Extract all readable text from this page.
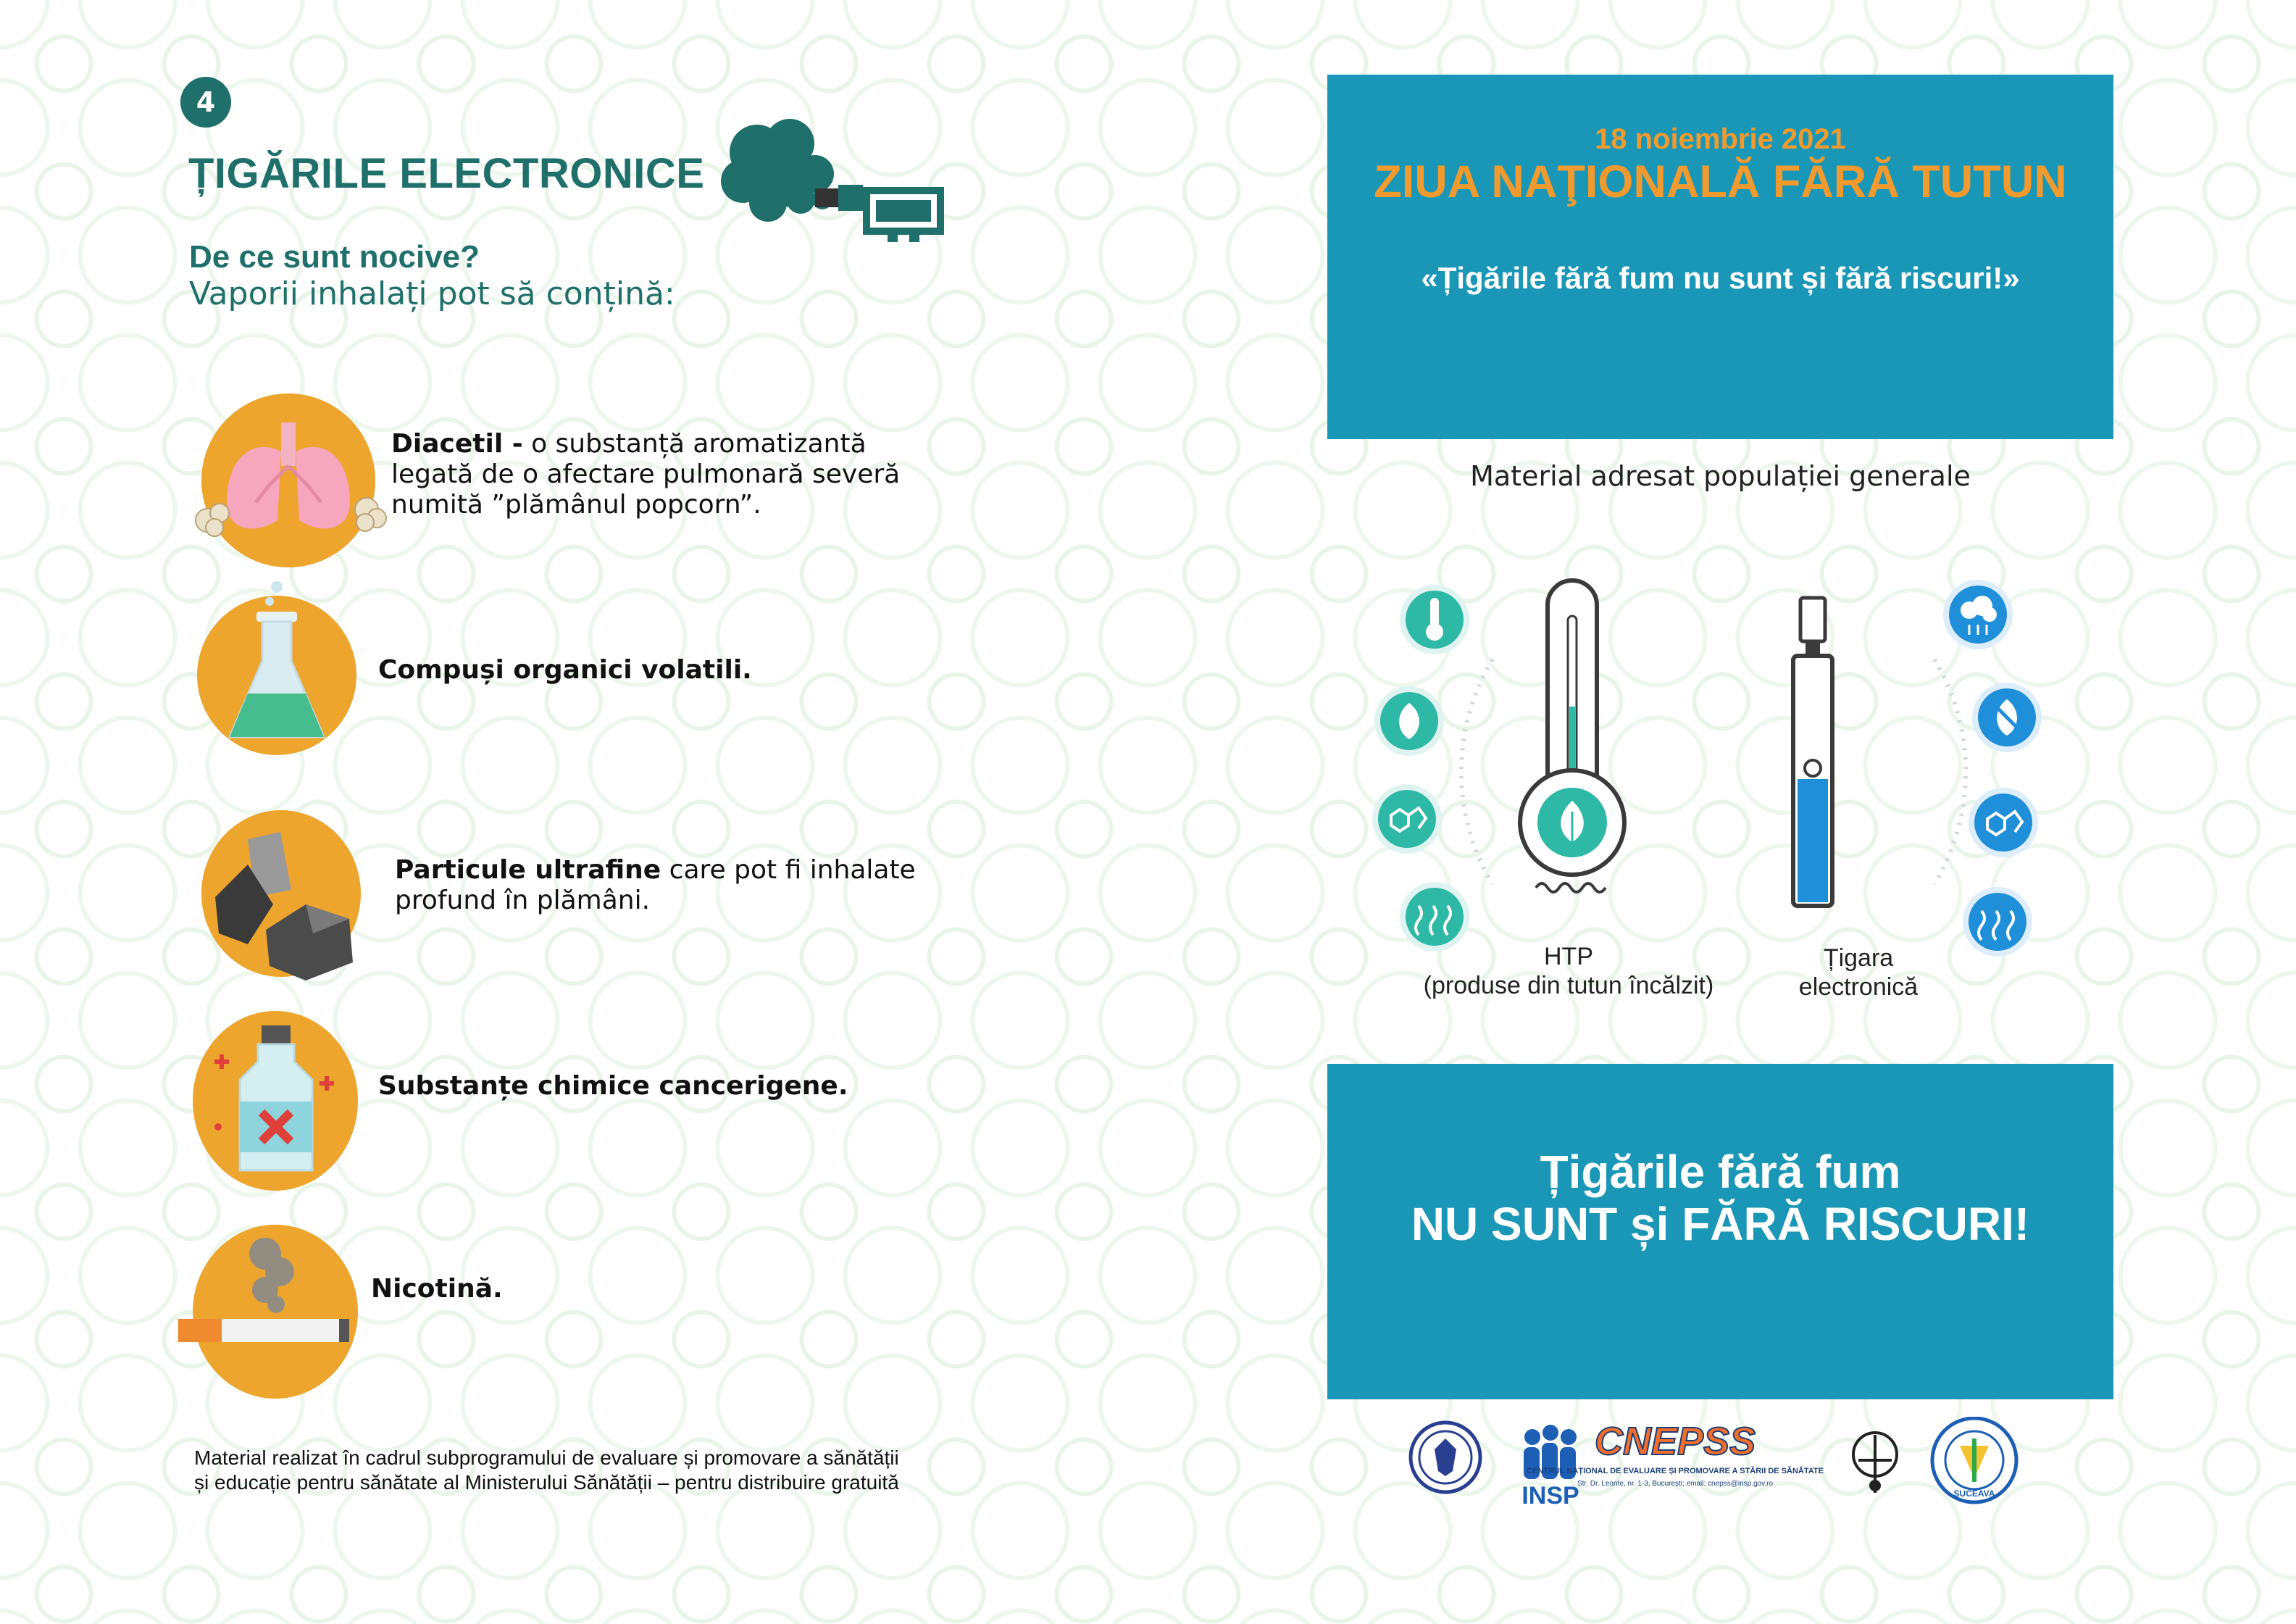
4
ȚIGĂRILE ELECTRONICE
De ce sunt nocive?
Vaporii inhalați pot să conțină:
Diacetil - o substanță aromatizantă legată de o afectare pulmonară severă numită ”plămânul popcorn”.
Compuși organici volatili.
Particule ultrafine care pot fi inhalate profund în plămâni.
Substanțe chimice cancerigene.
Nicotină.
Material realizat în cadrul subprogramului de evaluare și promovare a sănătății
și educație pentru sănătate al Ministerului Sănătății – pentru distribuire gratuită
18 noiembrie 2021
ZIUA NAŢIONALĂ FĂRĂ TUTUN
«Țigările fără fum nu sunt și fără riscuri!»
Material adresat populației generale
HTP
(produse din tutun încălzit)
Țigara
electronică
Țigările fără fum
NU SUNT și FĂRĂ RISCURI!
INSP
CNEPSS
CENTRUL NAȚIONAL DE EVALUARE ȘI PROMOVARE A STĂRII DE SĂNĂTATE
Str. Dr. Leonte, nr. 1-3, București; email: cnepss@insp.gov.ro
SUCEAVA
